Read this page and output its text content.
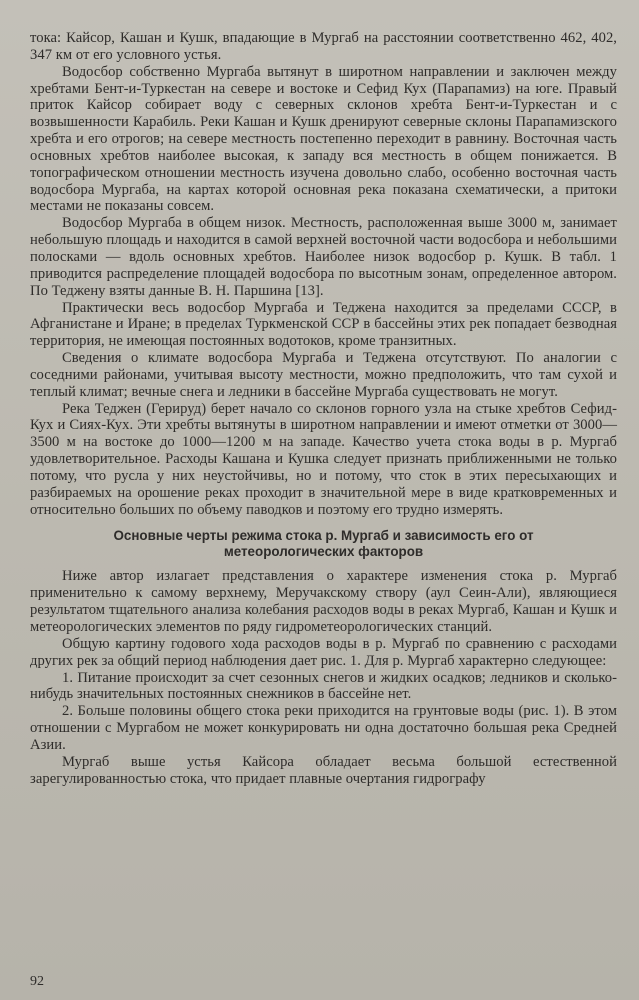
тока: Кайсор, Кашан и Кушк, впадающие в Мургаб на расстоянии соответственно 462, 402, 347 км от его условного устья.

Водосбор собственно Мургаба вытянут в широтном направлении и заключен между хребтами Бент-и-Туркестан на севере и востоке и Сефид Кух (Парапамиз) на юге. Правый приток Кайсор собирает воду с северных склонов хребта Бент-и-Туркестан и с возвышенности Карабиль. Реки Кашан и Кушк дренируют северные склоны Парапамизского хребта и его отрогов; на севере местность постепенно переходит в равнину. Восточная часть основных хребтов наиболее высокая, к западу вся местность в общем понижается. В топографическом отношении местность изучена довольно слабо, особенно восточная часть водосбора Мургаба, на картах которой основная река показана схематически, а притоки местами не показаны совсем.

Водосбор Мургаба в общем низок. Местность, расположенная выше 3000 м, занимает небольшую площадь и находится в самой верхней восточной части водосбора и небольшими полосками — вдоль основных хребтов. Наиболее низок водосбор р. Кушк. В табл. 1 приводится распределение площадей водосбора по высотным зонам, определенное автором. По Теджену взяты данные В. Н. Паршина [13].

Практически весь водосбор Мургаба и Теджена находится за пределами СССР, в Афганистане и Иране; в пределах Туркменской ССР в бассейны этих рек попадает безводная территория, не имеющая постоянных водотоков, кроме транзитных.

Сведения о климате водосбора Мургаба и Теджена отсутствуют. По аналогии с соседними районами, учитывая высоту местности, можно предположить, что там сухой и теплый климат; вечные снега и ледники в бассейне Мургаба существовать не могут.

Река Теджен (Герируд) берет начало со склонов горного узла на стыке хребтов Сефид-Кух и Сиях-Кух. Эти хребты вытянуты в широтном направлении и имеют отметки от 3000—3500 м на востоке до 1000—1200 м на западе. Качество учета стока воды в р. Мургаб удовлетворительное. Расходы Кашана и Кушка следует признать приближенными не только потому, что русла у них неустойчивы, но и потому, что сток в этих пересыхающих и разбираемых на орошение реках проходит в значительной мере в виде кратковременных и относительно больших по объему паводков и поэтому его трудно измерять.

Основные черты режима стока р. Мургаб и зависимость его от метеорологических факторов

Ниже автор излагает представления о характере изменения стока р. Мургаб применительно к самому верхнему, Меручакскому створу (аул Сеин-Али), являющиеся результатом тщательного анализа колебания расходов воды в реках Мургаб, Кашан и Кушк и метеорологических элементов по ряду гидрометеорологических станций.

Общую картину годового хода расходов воды в р. Мургаб по сравнению с расходами других рек за общий период наблюдения дает рис. 1. Для р. Мургаб характерно следующее:

1. Питание происходит за счет сезонных снегов и жидких осадков; ледников и сколько-нибудь значительных постоянных снежников в бассейне нет.

2. Больше половины общего стока реки приходится на грунтовые воды (рис. 1). В этом отношении с Мургабом не может конкурировать ни одна достаточно большая река Средней Азии.

Мургаб выше устья Кайсора обладает весьма большой естественной зарегулированностью стока, что придает плавные очертания гидрографу

92
